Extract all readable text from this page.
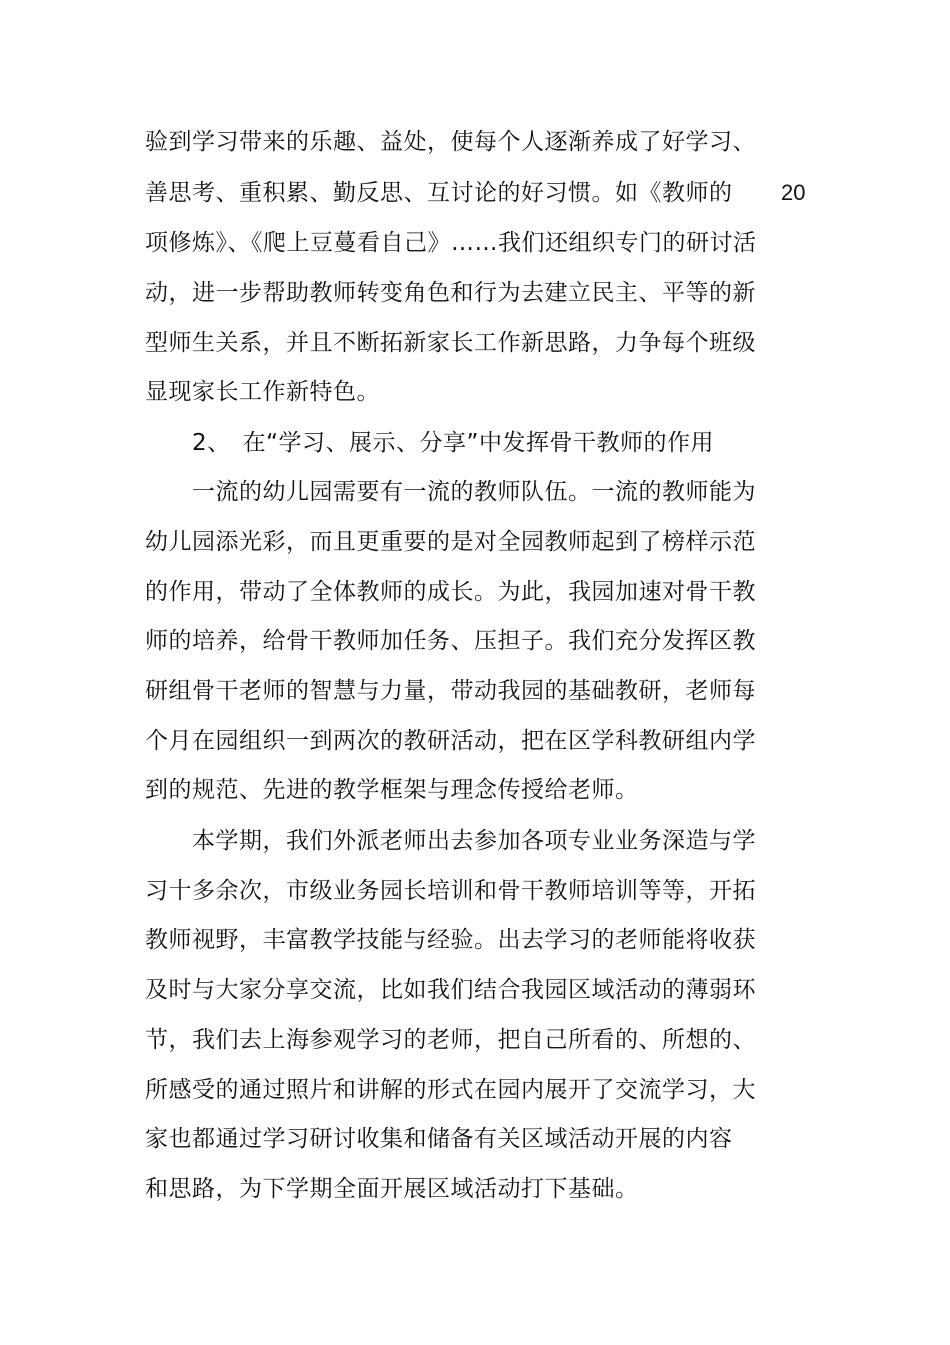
20
验到学习带来的乐趣、益处，使每个人逐渐养成了好学习、
善思考、重积累、勤反思、互讨论的好习惯。如《教师的
项修炼》、《爬上豆蔓看自己》……我们还组织专门的研讨活
动，进一步帮助教师转变角色和行为去建立民主、平等的新
型师生关系，并且不断拓新家长工作新思路，力争每个班级
显现家长工作新特色。
2、　在“学习、展示、分享”中发挥骨干教师的作用
一流的幼儿园需要有一流的教师队伍。一流的教师能为
幼儿园添光彩，而且更重要的是对全园教师起到了榜样示范
的作用，带动了全体教师的成长。为此，我园加速对骨干教
师的培养，给骨干教师加任务、压担子。我们充分发挥区教
研组骨干老师的智慧与力量，带动我园的基础教研，老师每
个月在园组织一到两次的教研活动，把在区学科教研组内学
到的规范、先进的教学框架与理念传授给老师。
本学期，我们外派老师出去参加各项专业业务深造与学
习十多余次，市级业务园长培训和骨干教师培训等等，开拓
教师视野，丰富教学技能与经验。出去学习的老师能将收获
及时与大家分享交流，比如我们结合我园区域活动的薄弱环
节，我们去上海参观学习的老师，把自己所看的、所想的、
所感受的通过照片和讲解的形式在园内展开了交流学习，大
家也都通过学习研讨收集和储备有关区域活动开展的内容
和思路，为下学期全面开展区域活动打下基础。
